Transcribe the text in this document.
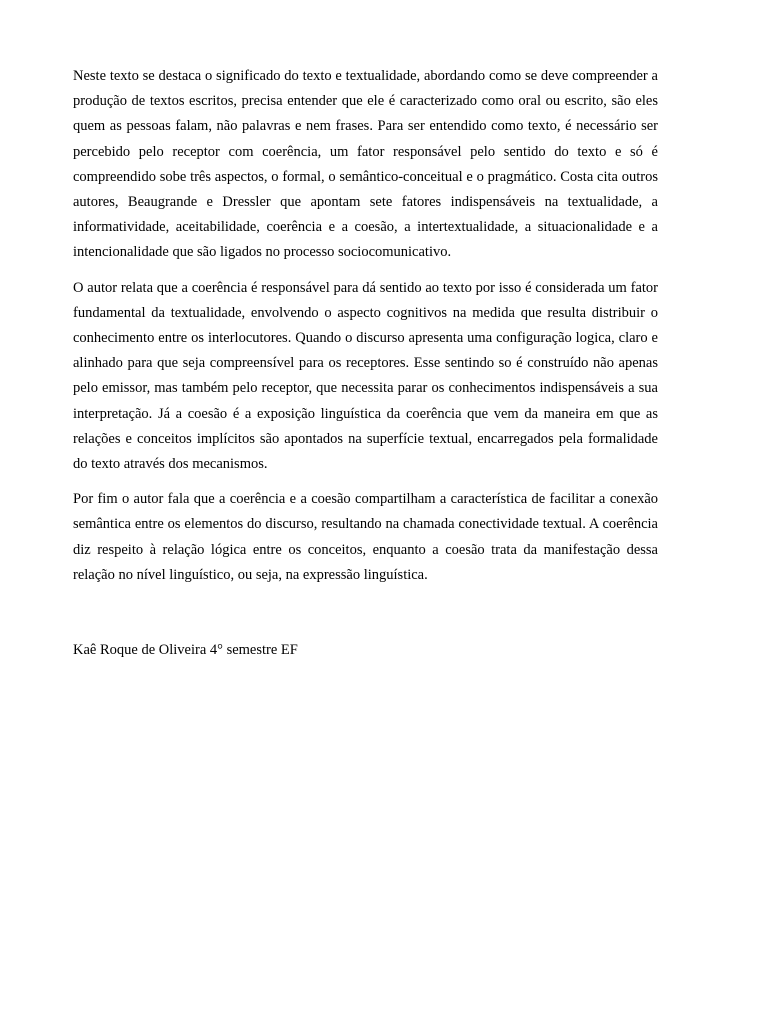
Neste texto se destaca o significado do texto e textualidade, abordando como se deve compreender a produção de textos escritos, precisa entender que ele é caracterizado como oral ou escrito, são eles quem as pessoas falam, não palavras e nem frases. Para ser entendido como texto, é necessário ser percebido pelo receptor com coerência, um fator responsável pelo sentido do texto e só é compreendido sobe três aspectos, o formal, o semântico-conceitual e o pragmático. Costa cita outros autores, Beaugrande e Dressler que apontam sete fatores indispensáveis na textualidade, a informatividade, aceitabilidade, coerência e a coesão, a intertextualidade, a situacionalidade e a intencionalidade que são ligados no processo sociocomunicativo.

O autor relata que a coerência é responsável para dá sentido ao texto por isso é considerada um fator fundamental da textualidade, envolvendo o aspecto cognitivos na medida que resulta distribuir o conhecimento entre os interlocutores. Quando o discurso apresenta uma configuração logica, claro e alinhado para que seja compreensível para os receptores. Esse sentindo so é construído não apenas pelo emissor, mas também pelo receptor, que necessita parar os conhecimentos indispensáveis a sua interpretação. Já a coesão é a exposição linguística da coerência que vem da maneira em que as relações e conceitos implícitos são apontados na superfície textual, encarregados pela formalidade do texto através dos mecanismos.

Por fim o autor fala que a coerência e a coesão compartilham a característica de facilitar a conexão semântica entre os elementos do discurso, resultando na chamada conectividade textual. A coerência diz respeito à relação lógica entre os conceitos, enquanto a coesão trata da manifestação dessa relação no nível linguístico, ou seja, na expressão linguística.

Kaê Roque de Oliveira 4° semestre EF
